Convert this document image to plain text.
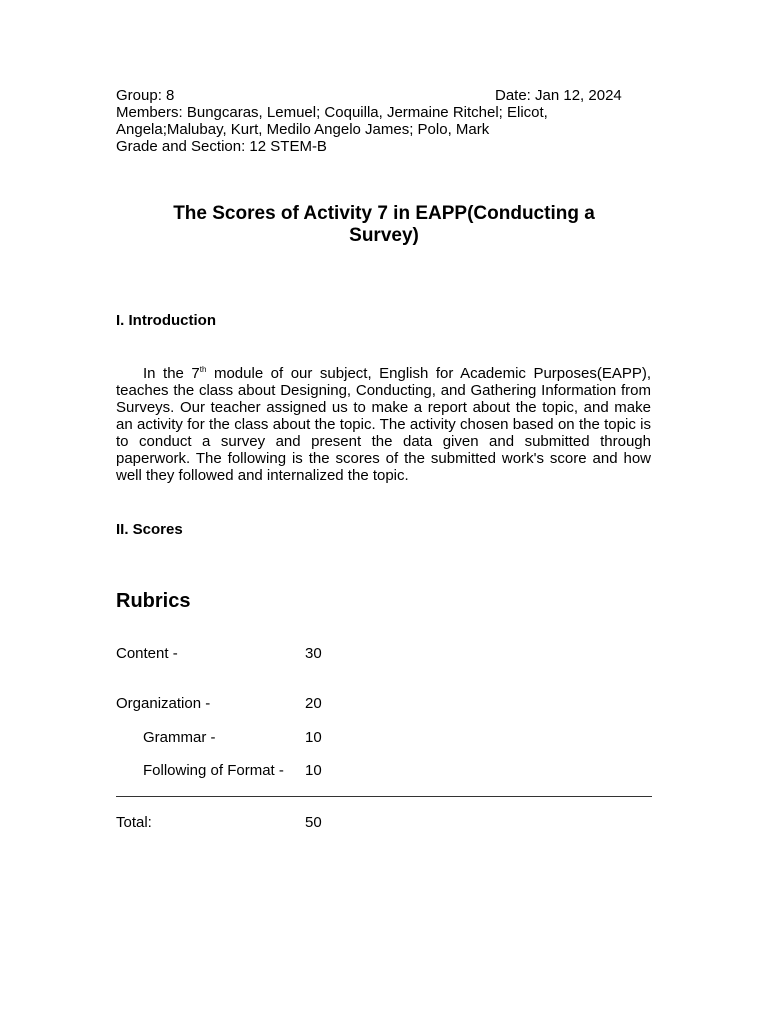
Group: 8	Date: Jan 12, 2024
Members: Bungcaras, Lemuel; Coquilla, Jermaine Ritchel; Elicot,
Angela;Malubay, Kurt, Medilo Angelo James; Polo, Mark
Grade and Section: 12 STEM-B
The Scores of Activity 7 in EAPP(Conducting a
Survey)
I. Introduction

In the 7th module of our subject, English for Academic Purposes(EAPP), teaches the class about Designing, Conducting, and Gathering Information from Surveys. Our teacher assigned us to make a report about the topic, and make an activity for the class about the topic. The activity chosen based on the topic is to conduct a survey and present the data given and submitted through paperwork. The following is the scores of the submitted work's score and how well they followed and internalized the topic.

II. Scores
Rubrics
Content -	30
Organization -	20
Grammar -	10
Following of Format - 10
Total:	50
